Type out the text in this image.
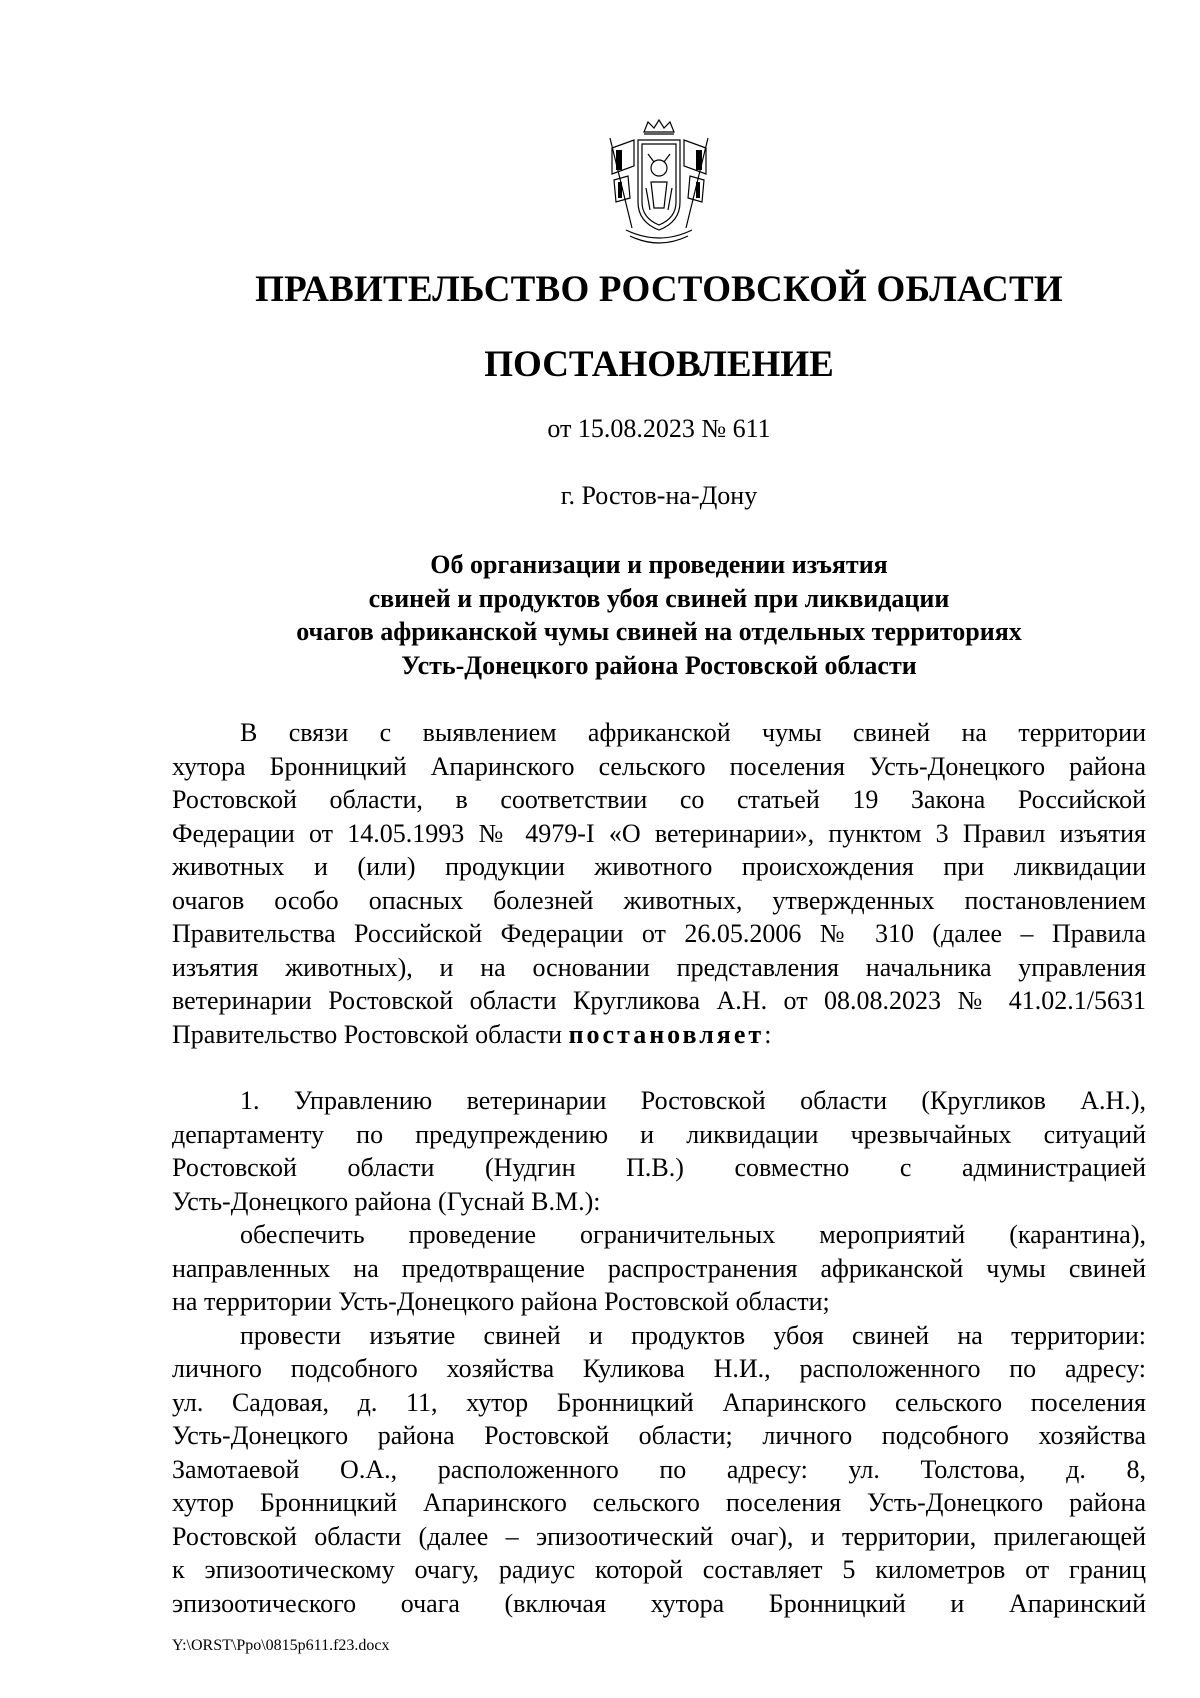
ПРАВИТЕЛЬСТВО РОСТОВСКОЙ ОБЛАСТИ
ПОСТАНОВЛЕНИЕ
от 15.08.2023 № 611
г. Ростов-на-Дону
Об организации и проведении изъятия
свиней и продуктов убоя свиней при ликвидации
очагов африканской чумы свиней на отдельных территориях
Усть-Донецкого района Ростовской области
В связи с выявлением африканской чумы свиней на территории
хутора Бронницкий Апаринского сельского поселения Усть-Донецкого района
Ростовской области, в соответствии со статьей 19 Закона Российской
Федерации от 14.05.1993 № 4979-I «О ветеринарии», пунктом 3 Правил изъятия
животных и (или) продукции животного происхождения при ликвидации
очагов особо опасных болезней животных, утвержденных постановлением
Правительства Российской Федерации от 26.05.2006 № 310 (далее – Правила
изъятия животных), и на основании представления начальника управления
ветеринарии Ростовской области Кругликова А.Н. от 08.08.2023 № 41.02.1/5631
Правительство Ростовской области постановляет:
1. Управлению ветеринарии Ростовской области (Кругликов А.Н.),
департаменту по предупреждению и ликвидации чрезвычайных ситуаций
Ростовской области (Нудгин П.В.) совместно с администрацией
Усть-Донецкого района (Гуснай В.М.):
обеспечить проведение ограничительных мероприятий (карантина),
направленных на предотвращение распространения африканской чумы свиней
на территории Усть-Донецкого района Ростовской области;
провести изъятие свиней и продуктов убоя свиней на территории:
личного подсобного хозяйства Куликова Н.И., расположенного по адресу:
ул. Садовая, д. 11, хутор Бронницкий Апаринского сельского поселения
Усть-Донецкого района Ростовской области; личного подсобного хозяйства
Замотаевой О.А., расположенного по адресу: ул. Толстова, д. 8,
хутор Бронницкий Апаринского сельского поселения Усть-Донецкого района
Ростовской области (далее – эпизоотический очаг), и территории, прилегающей
к эпизоотическому очагу, радиус которой составляет 5 километров от границ
эпизоотического очага (включая хутора Бронницкий и Апаринский
Y:\ORST\Ppo\0815p611.f23.docx
